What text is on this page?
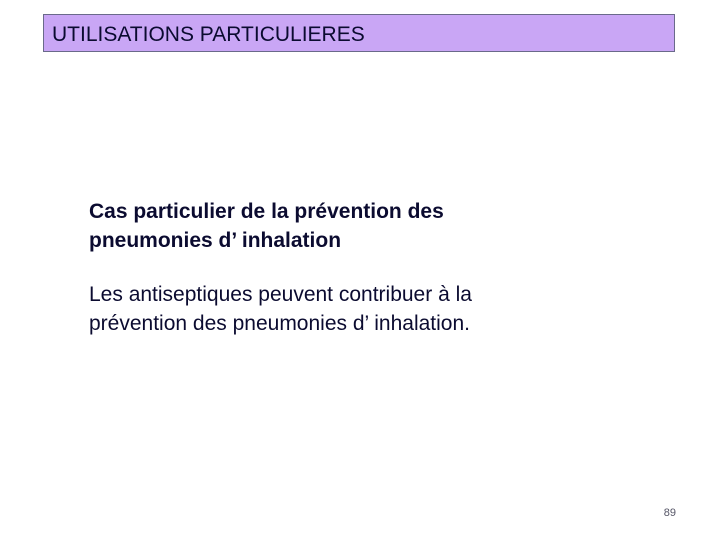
UTILISATIONS PARTICULIERES

Cas particulier de la prévention des
pneumonies d’ inhalation

Les antiseptiques peuvent contribuer à la
prévention des pneumonies d’ inhalation.

89
